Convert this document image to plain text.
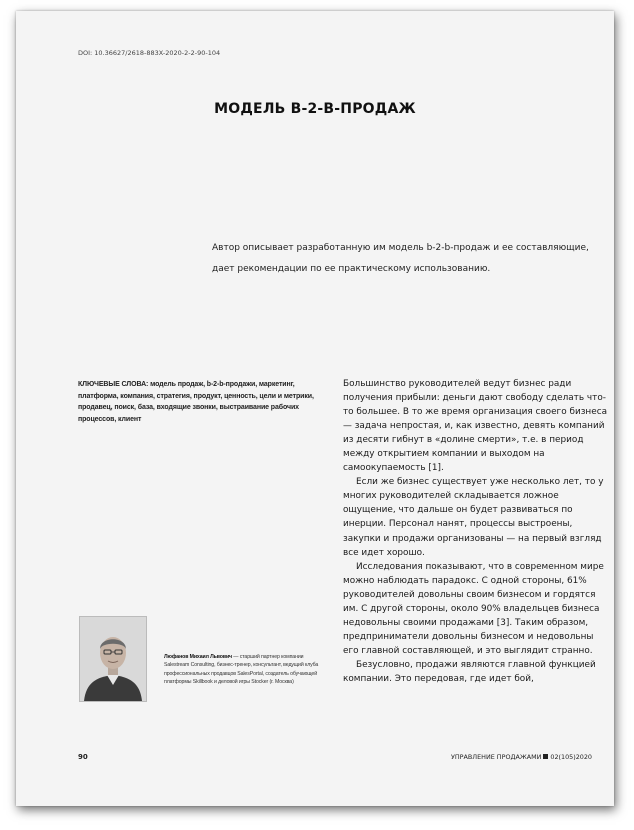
DOI: 10.36627/2618-883X-2020-2-2-90-104
МОДЕЛЬ B-2-B-ПРОДАЖ
Автор описывает разработанную им модель b-2-b-продаж и ее составляющие, дает рекомендации по ее практическому использованию.
КЛЮЧЕВЫЕ СЛОВА: модель продаж, b-2-b-продажи, маркетинг, платформа, компания, стратегия, продукт, ценность, цели и метрики, продавец, поиск, база, входящие звонки, выстраивание рабочих процессов, клиент
Люфанов Михаил Львович — старший партнер компании Salestream Consulting, бизнес-тренер, консультант, ведущий клуба профессиональных продавцов SalesPortal, создатель обучающей платформы Skillbook и деловой игры Stocker (г. Москва)

Большинство руководителей ведут бизнес ради получения прибыли: деньги дают свободу сделать что-то большее. В то же время организация своего бизнеса — задача непростая, и, как известно, девять компаний из десяти гибнут в «долине смерти», т.е. в период между открытием компании и выходом на самоокупаемость [1].

Если же бизнес существует уже несколько лет, то у многих руководителей складывается ложное ощущение, что дальше он будет развиваться по инерции. Персонал нанят, процессы выстроены, закупки и продажи организованы — на первый взгляд все идет хорошо.

Исследования показывают, что в современном мире можно наблюдать парадокс. С одной стороны, 61% руководителей довольны своим бизнесом и гордятся им. С другой стороны, около 90% владельцев бизнеса недовольны своими продажами [3]. Таким образом, предприниматели довольны бизнесом и недовольны его главной составляющей, и это выглядит странно.

Безусловно, продажи являются главной функцией компании. Это передовая, где идет бой,

90	УПРАВЛЕНИЕ ПРОДАЖАМИ 02(105)2020
